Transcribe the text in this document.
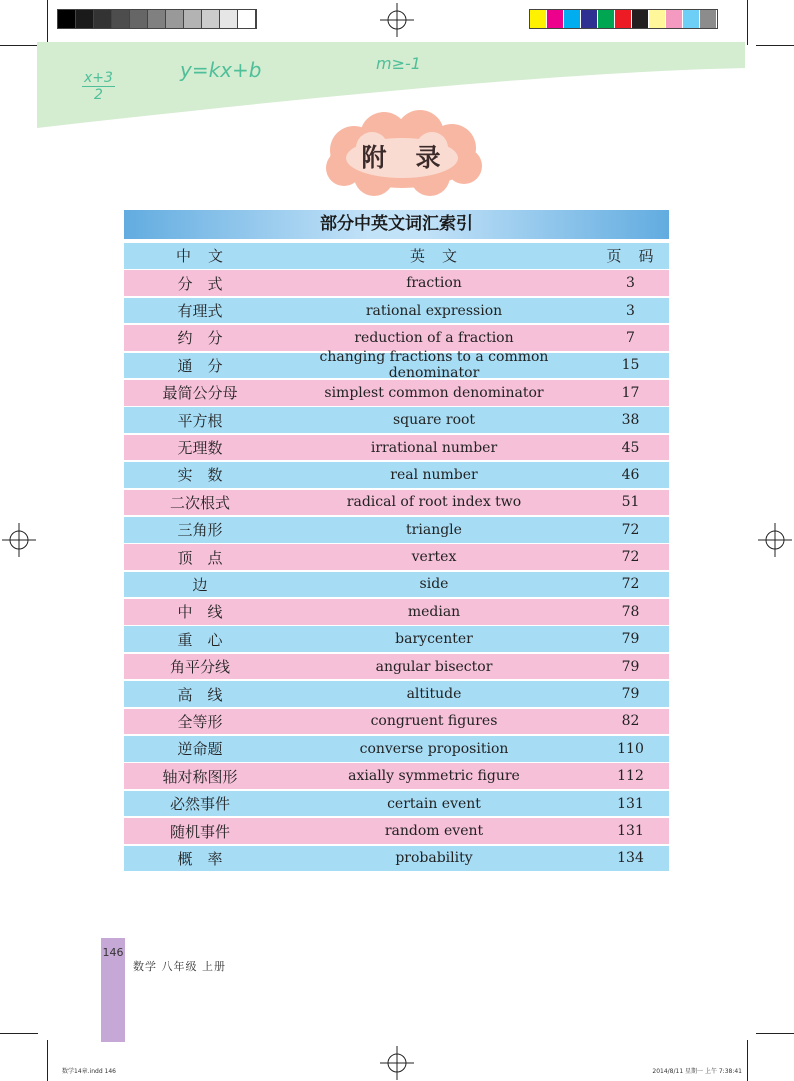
$\frac{x+3}{2}$	y=kx+b	m≥-1
附　录
部分中英文词汇索引
中　文	英　文	页　码
分　式	fraction	3
有理式	rational expression	3
约　分	reduction of a fraction	7
通　分	changing fractions to a common denominator	15
最简公分母	simplest common denominator	17
平方根	square root	38
无理数	irrational number	45
实　数	real number	46
二次根式	radical of root index two	51
三角形	triangle	72
顶　点	vertex	72
边	side	72
中　线	median	78
重　心	barycenter	79
角平分线	angular bisector	79
高　线	altitude	79
全等形	congruent figures	82
逆命题	converse proposition	110
轴对称图形	axially symmetric figure	112
必然事件	certain event	131
随机事件	random event	131
概　率	probability	134
146
数学 八年级 上册
数学14章.indd 146	2014/8/11 星期一 上午 7:38:41
